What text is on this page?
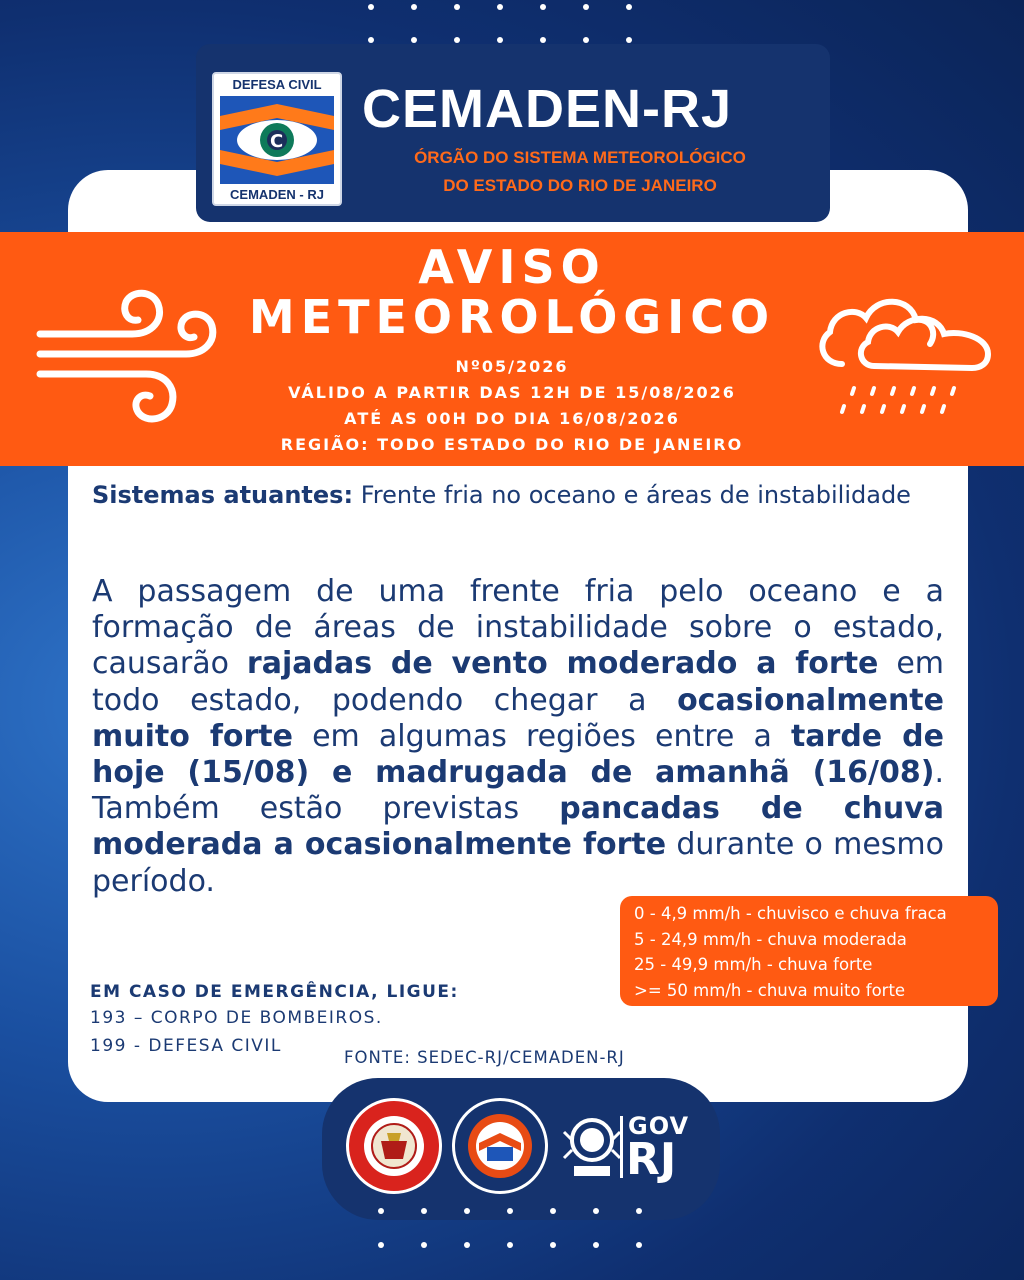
DEFESA CIVIL
C
CEMADEN - RJ
CEMADEN-RJ
ÓRGÃO DO SISTEMA METEOROLÓGICO
DO ESTADO DO RIO DE JANEIRO
AVISO
METEOROLÓGICO
Nº05/2026
VÁLIDO A PARTIR DAS 12H DE 15/08/2026
ATÉ AS 00H DO DIA 16/08/2026
REGIÃO: TODO ESTADO DO RIO DE JANEIRO
Sistemas atuantes: Frente fria no oceano e áreas de instabilidade
A passagem de uma frente fria pelo oceano e a formação de áreas de instabilidade sobre o estado, causarão rajadas de vento moderado a forte em todo estado, podendo chegar a ocasionalmente muito forte em algumas regiões entre a tarde de hoje (15/08) e madrugada de amanhã (16/08). Também estão previstas pancadas de chuva moderada a ocasionalmente forte durante o mesmo período.
0 - 4,9 mm/h - chuvisco e chuva fraca
5 - 24,9 mm/h - chuva moderada
25 - 49,9 mm/h - chuva forte
>= 50 mm/h - chuva muito forte
EM CASO DE EMERGÊNCIA, LIGUE:
193 – CORPO DE BOMBEIROS.
199 - DEFESA CIVIL
FONTE: SEDEC-RJ/CEMADEN-RJ
GOV
RJ
